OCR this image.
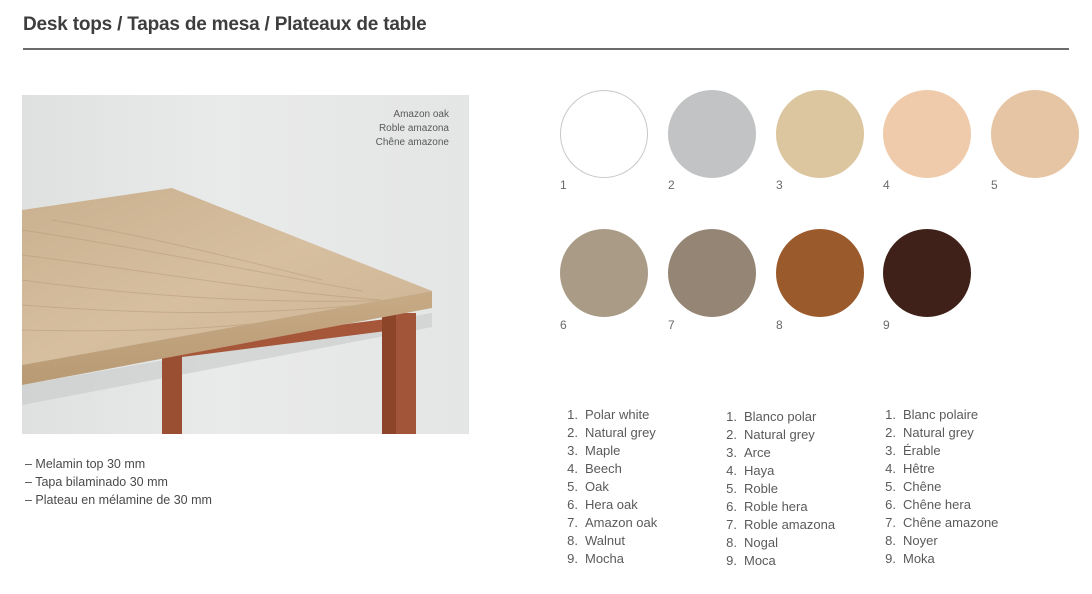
Desk tops / Tapas de mesa / Plateaux de table
Amazon oak
Roble amazona
Chêne amazone
– Melamin top 30 mm
– Tapa bilaminado 30 mm
– Plateau en mélamine de 30 mm
1	2	3	4	5
6	7	8	9
1. Polar white
2. Natural grey
3. Maple
4. Beech
5. Oak
6. Hera oak
7. Amazon oak
8. Walnut
9. Mocha
1. Blanco polar
2. Natural grey
3. Arce
4. Haya
5. Roble
6. Roble hera
7. Roble amazona
8. Nogal
9. Moca
1. Blanc polaire
2. Natural grey
3. Érable
4. Hêtre
5. Chêne
6. Chêne hera
7. Chêne amazone
8. Noyer
9. Moka
